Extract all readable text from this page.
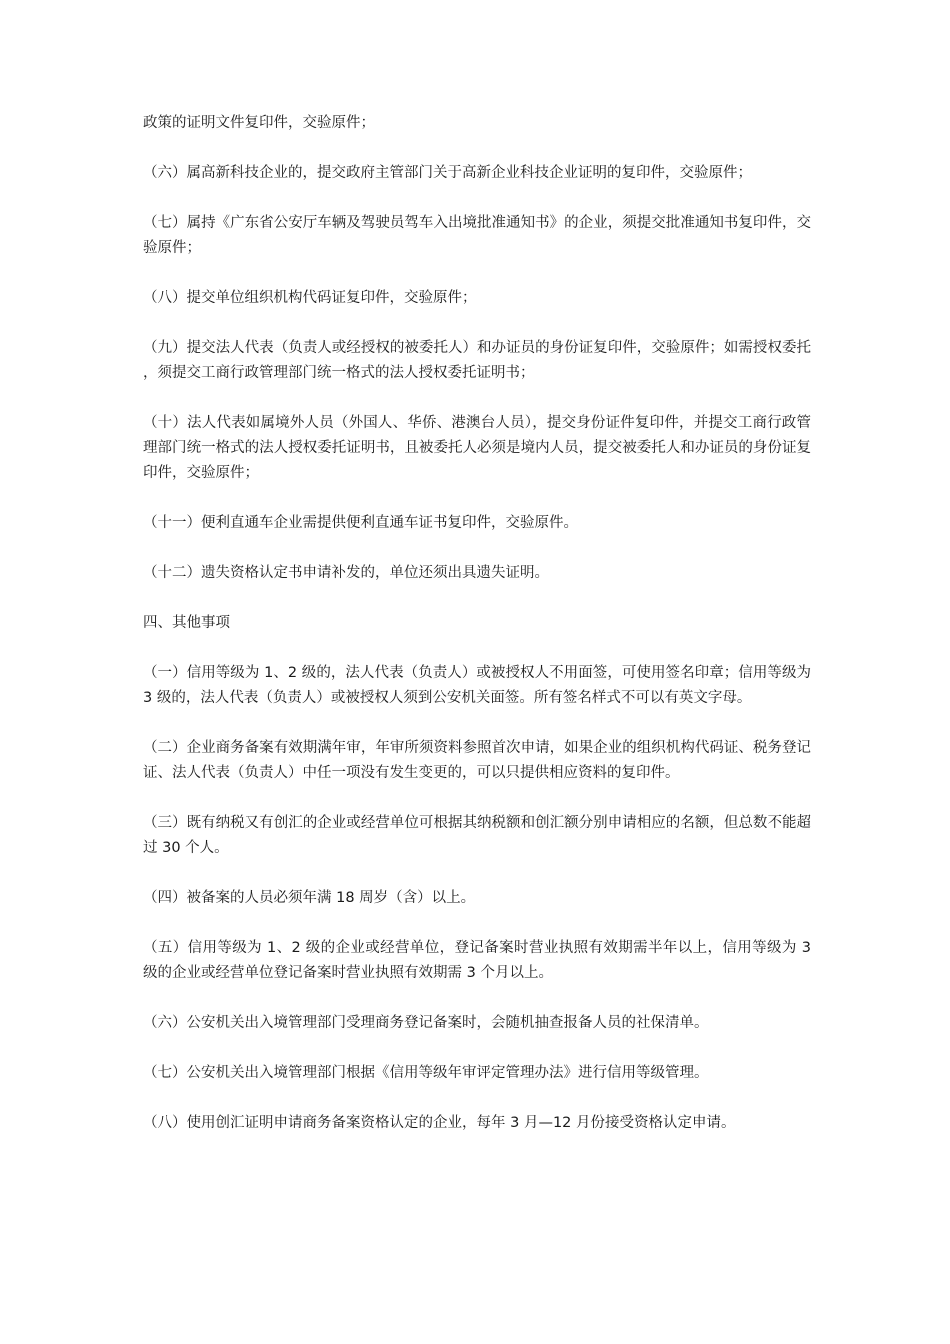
政策的证明文件复印件，交验原件；

（六）属高新科技企业的，提交政府主管部门关于高新企业科技企业证明的复印件，交验原件；

（七）属持《广东省公安厅车辆及驾驶员驾车入出境批准通知书》的企业，须提交批准通知书复印件，交验原件；

（八）提交单位组织机构代码证复印件，交验原件；

（九）提交法人代表（负责人或经授权的被委托人）和办证员的身份证复印件，交验原件；如需授权委托，须提交工商行政管理部门统一格式的法人授权委托证明书；

（十）法人代表如属境外人员（外国人、华侨、港澳台人员），提交身份证件复印件，并提交工商行政管理部门统一格式的法人授权委托证明书，且被委托人必须是境内人员，提交被委托人和办证员的身份证复印件，交验原件；

（十一）便利直通车企业需提供便利直通车证书复印件，交验原件。

（十二）遗失资格认定书申请补发的，单位还须出具遗失证明。

四、其他事项

（一）信用等级为 1、2 级的，法人代表（负责人）或被授权人不用面签，可使用签名印章；信用等级为 3 级的，法人代表（负责人）或被授权人须到公安机关面签。所有签名样式不可以有英文字母。

（二）企业商务备案有效期满年审，年审所须资料参照首次申请，如果企业的组织机构代码证、税务登记证、法人代表（负责人）中任一项没有发生变更的，可以只提供相应资料的复印件。

（三）既有纳税又有创汇的企业或经营单位可根据其纳税额和创汇额分别申请相应的名额，但总数不能超过 30 个人。

（四）被备案的人员必须年满 18 周岁（含）以上。

（五）信用等级为 1、2 级的企业或经营单位，登记备案时营业执照有效期需半年以上，信用等级为 3 级的企业或经营单位登记备案时营业执照有效期需 3 个月以上。

（六）公安机关出入境管理部门受理商务登记备案时，会随机抽查报备人员的社保清单。

（七）公安机关出入境管理部门根据《信用等级年审评定管理办法》进行信用等级管理。

（八）使用创汇证明申请商务备案资格认定的企业，每年 3 月—12 月份接受资格认定申请。
